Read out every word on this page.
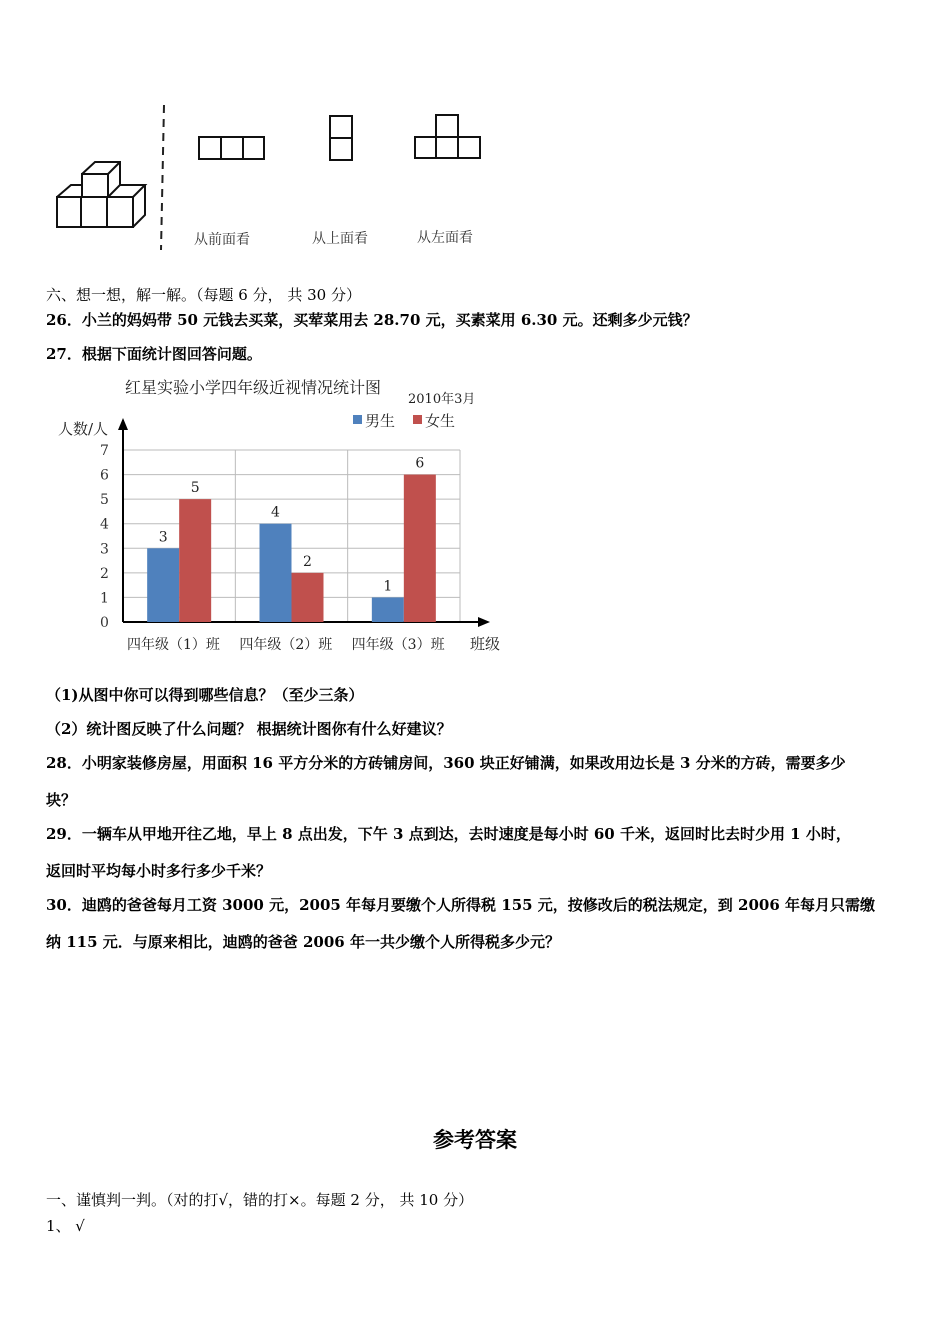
从前面看	从上面看	从左面看
六、想一想，解一解。（每题 6 分， 共 30 分）
26．小兰的妈妈带 50 元钱去买菜，买荤菜用去 28.70 元，买素菜用 6.30 元。还剩多少元钱？
27．根据下面统计图回答问题。
红星实验小学四年级近视情况统计图
2010年3月
人数/人
班级
0
1
2
3
4
5
6
7
四年级（1）班 四年级（2）班 四年级（3）班
3
5
4
2
1
6
男生 女生
（1)从图中你可以得到哪些信息？（至少三条）
（2）统计图反映了什么问题？ 根据统计图你有什么好建议？
28．小明家装修房屋，用面积 16 平方分米的方砖铺房间，360 块正好铺满，如果改用边长是 3 分米的方砖，需要多少
块？
29．一辆车从甲地开往乙地，早上 8 点出发，下午 3 点到达，去时速度是每小时 60 千米，返回时比去时少用 1 小时，
返回时平均每小时多行多少千米？
30．迪鸥的爸爸每月工资 3000 元，2005 年每月要缴个人所得税 155 元，按修改后的税法规定，到 2006 年每月只需缴
纳 115 元．与原来相比，迪鸥的爸爸 2006 年一共少缴个人所得税多少元？
参考答案
一、谨慎判一判。（对的打√，错的打×。每题 2 分， 共 10 分）
1、 √
